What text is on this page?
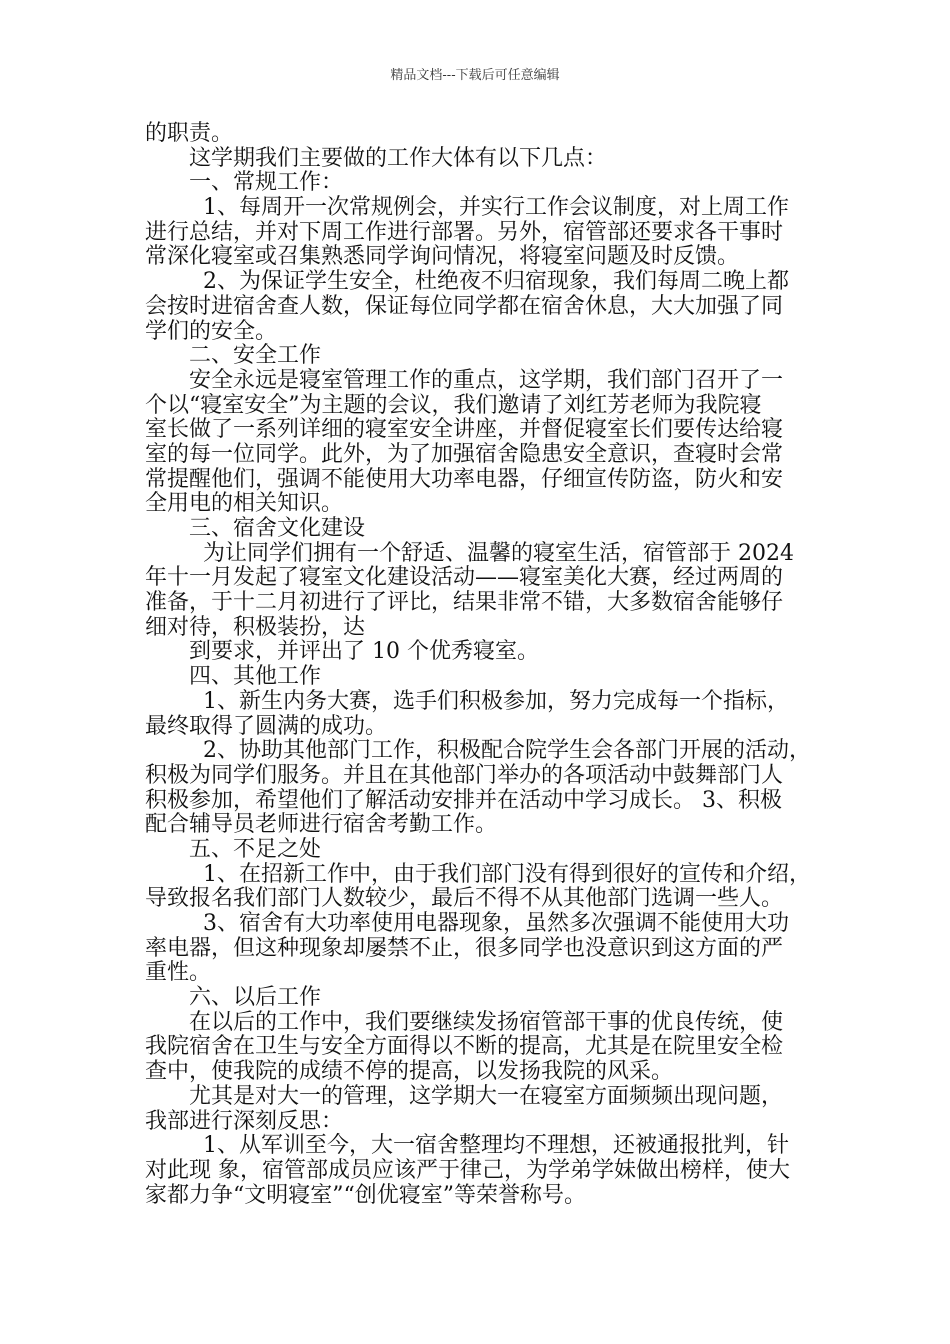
精品文档---下载后可任意编辑
的职责。
这学期我们主要做的工作大体有以下几点：
一、常规工作：
1、每周开一次常规例会，并实行工作会议制度，对上周工作
进行总结，并对下周工作进行部署。另外，宿管部还要求各干事时
常深化寝室或召集熟悉同学询问情况，将寝室问题及时反馈。
2、为保证学生安全，杜绝夜不归宿现象，我们每周二晚上都
会按时进宿舍查人数，保证每位同学都在宿舍休息，大大加强了同
学们的安全。
二、安全工作
安全永远是寝室管理工作的重点，这学期，我们部门召开了一
个以“寝室安全”为主题的会议，我们邀请了刘红芳老师为我院寝
室长做了一系列详细的寝室安全讲座，并督促寝室长们要传达给寝
室的每一位同学。此外，为了加强宿舍隐患安全意识，查寝时会常
常提醒他们，强调不能使用大功率电器，仔细宣传防盗，防火和安
全用电的相关知识。
三、宿舍文化建设
为让同学们拥有一个舒适、温馨的寝室生活，宿管部于 2024
年十一月发起了寝室文化建设活动——寝室美化大赛，经过两周的
准备，于十二月初进行了评比，结果非常不错，大多数宿舍能够仔
细对待，积极装扮，达
到要求，并评出了 10 个优秀寝室。
四、其他工作
1、新生内务大赛，选手们积极参加，努力完成每一个指标，
最终取得了圆满的成功。
2、协助其他部门工作，积极配合院学生会各部门开展的活动，
积极为同学们服务。并且在其他部门举办的各项活动中鼓舞部门人
积极参加，希望他们了解活动安排并在活动中学习成长。 3、积极
配合辅导员老师进行宿舍考勤工作。
五、不足之处
1、在招新工作中，由于我们部门没有得到很好的宣传和介绍，
导致报名我们部门人数较少，最后不得不从其他部门选调一些人。
3、宿舍有大功率使用电器现象，虽然多次强调不能使用大功
率电器，但这种现象却屡禁不止，很多同学也没意识到这方面的严
重性。
六、以后工作
在以后的工作中，我们要继续发扬宿管部干事的优良传统，使
我院宿舍在卫生与安全方面得以不断的提高，尤其是在院里安全检
查中，使我院的成绩不停的提高，以发扬我院的风采。
尤其是对大一的管理，这学期大一在寝室方面频频出现问题，
我部进行深刻反思：
1、从军训至今，大一宿舍整理均不理想，还被通报批判，针
对此现 象，宿管部成员应该严于律己，为学弟学妹做出榜样，使大
家都力争“文明寝室”“创优寝室”等荣誉称号。
